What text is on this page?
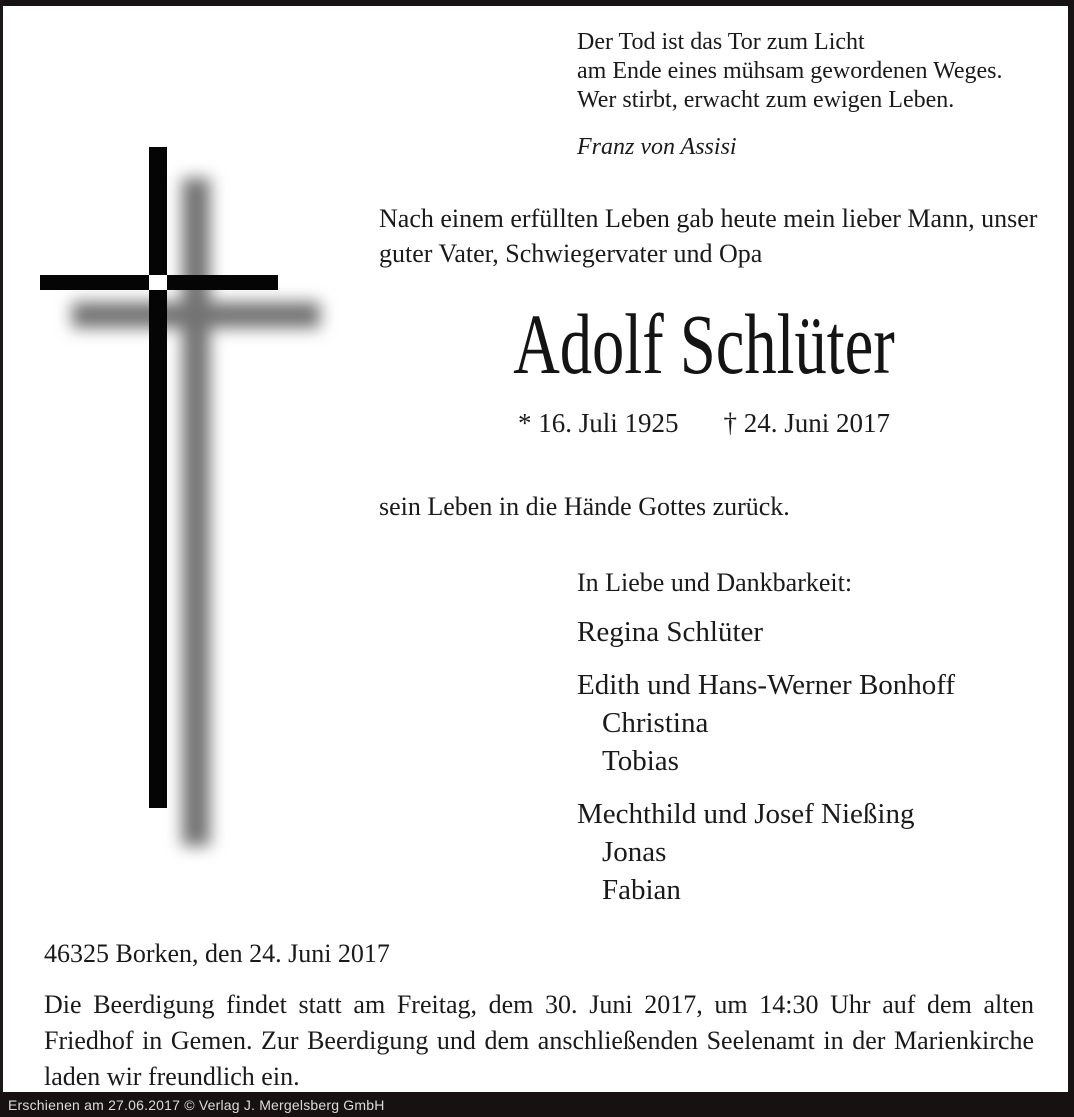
Der Tod ist das Tor zum Licht
am Ende eines mühsam gewordenen Weges.
Wer stirbt, erwacht zum ewigen Leben.
Franz von Assisi
Nach einem erfüllten Leben gab heute mein lieber Mann, unser guter Vater, Schwiegervater und Opa
Adolf Schlüter
* 16. Juli 1925 † 24. Juni 2017
sein Leben in die Hände Gottes zurück.
In Liebe und Dankbarkeit:
Regina Schlüter
Edith und Hans-Werner Bonhoff
Christina
Tobias
Mechthild und Josef Nießing
Jonas
Fabian
46325 Borken, den 24. Juni 2017
Die Beerdigung findet statt am Freitag, dem 30. Juni 2017, um 14:30 Uhr auf dem alten Friedhof in Gemen. Zur Beerdigung und dem anschließenden Seelenamt in der Marienkirche laden wir freundlich ein.
Erschienen am 27.06.2017 © Verlag J. Mergelsberg GmbH
